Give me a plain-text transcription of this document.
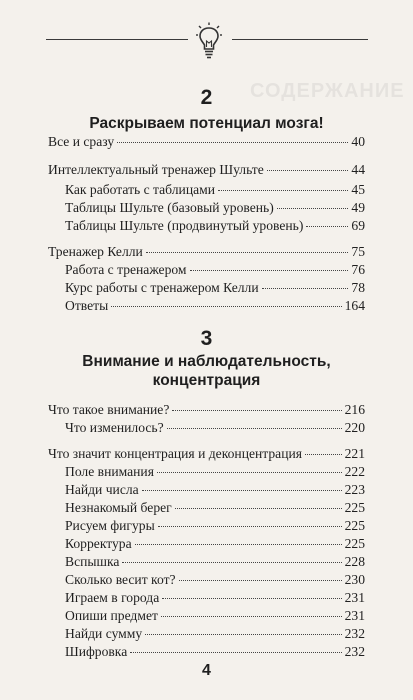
СОДЕРЖАНИЕ
2
Раскрываем потенциал мозга!
Все и сразу	40
Интеллектуальный тренажер Шульте	44
Как работать с таблицами	45
Таблицы Шульте (базовый уровень)	49
Таблицы Шульте (продвинутый уровень)	69
Тренажер Келли	75
Работа с тренажером	76
Курс работы с тренажером Келли	78
Ответы	164
3
Внимание и наблюдательность,
концентрация
Что такое внимание?	216
Что изменилось?	220
Что значит концентрация и деконцентрация	221
Поле внимания	222
Найди числа	223
Незнакомый берег	225
Рисуем фигуры	225
Корректура	225
Вспышка	228
Сколько весит кот?	230
Играем в города	231
Опиши предмет	231
Найди сумму	232
Шифровка	232
4
